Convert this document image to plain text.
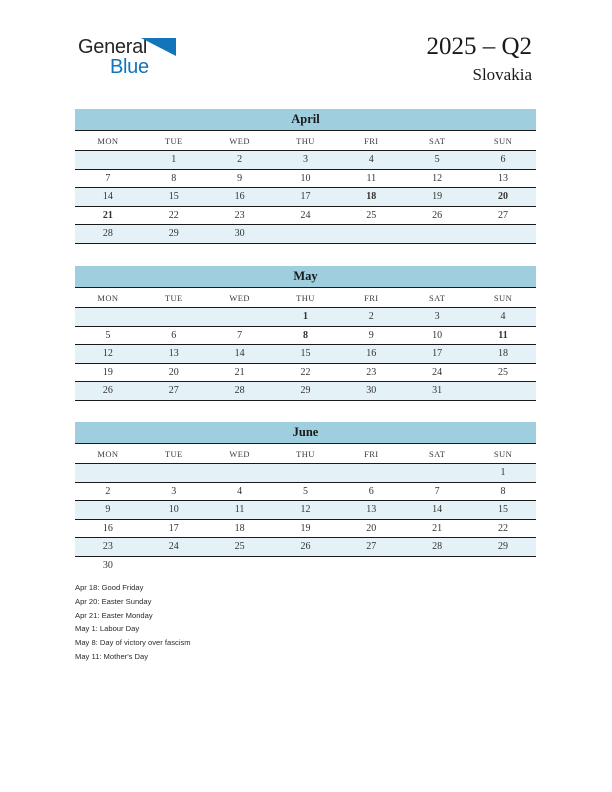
General
Blue
2025 – Q2
Slovakia
April
MON	TUE	WED	THU	FRI	SAT	SUN
	1	2	3	4	5	6
7	8	9	10	11	12	13
14	15	16	17	18	19	20
21	22	23	24	25	26	27
28	29	30				
May
MON	TUE	WED	THU	FRI	SAT	SUN
			1	2	3	4
5	6	7	8	9	10	11
12	13	14	15	16	17	18
19	20	21	22	23	24	25
26	27	28	29	30	31	
June
MON	TUE	WED	THU	FRI	SAT	SUN
						1
2	3	4	5	6	7	8
9	10	11	12	13	14	15
16	17	18	19	20	21	22
23	24	25	26	27	28	29
30						
Apr 18: Good Friday
Apr 20: Easter Sunday
Apr 21: Easter Monday
May 1: Labour Day
May 8: Day of victory over fascism
May 11: Mother's Day
